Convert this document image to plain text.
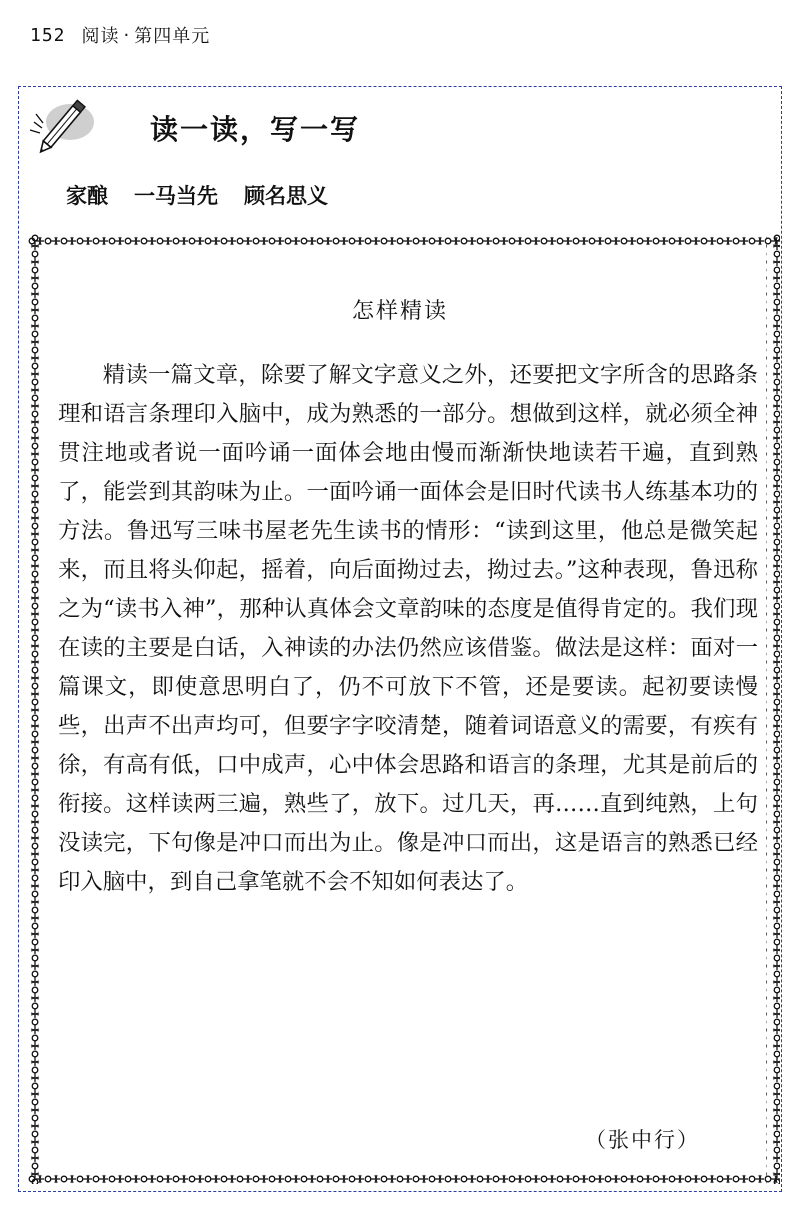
152 阅读 · 第四单元
读一读，写一写
家酿 一马当先 顾名思义
怎样精读

精读一篇文章，除要了解文字意义之外，还要把文字所含的思路条理和语言条理印入脑中，成为熟悉的一部分。想做到这样，就必须全神贯注地或者说一面吟诵一面体会地由慢而渐渐快地读若干遍，直到熟了，能尝到其韵味为止。一面吟诵一面体会是旧时代读书人练基本功的方法。鲁迅写三味书屋老先生读书的情形：“读到这里，他总是微笑起来，而且将头仰起，摇着，向后面拗过去，拗过去。”这种表现，鲁迅称之为“读书入神”，那种认真体会文章韵味的态度是值得肯定的。我们现在读的主要是白话，入神读的办法仍然应该借鉴。做法是这样：面对一篇课文，即使意思明白了，仍不可放下不管，还是要读。起初要读慢些，出声不出声均可，但要字字咬清楚，随着词语意义的需要，有疾有徐，有高有低，口中成声，心中体会思路和语言的条理，尤其是前后的衔接。这样读两三遍，熟些了，放下。过几天，再……直到纯熟，上句没读完，下句像是冲口而出为止。像是冲口而出，这是语言的熟悉已经印入脑中，到自己拿笔就不会不知如何表达了。

（张中行）
